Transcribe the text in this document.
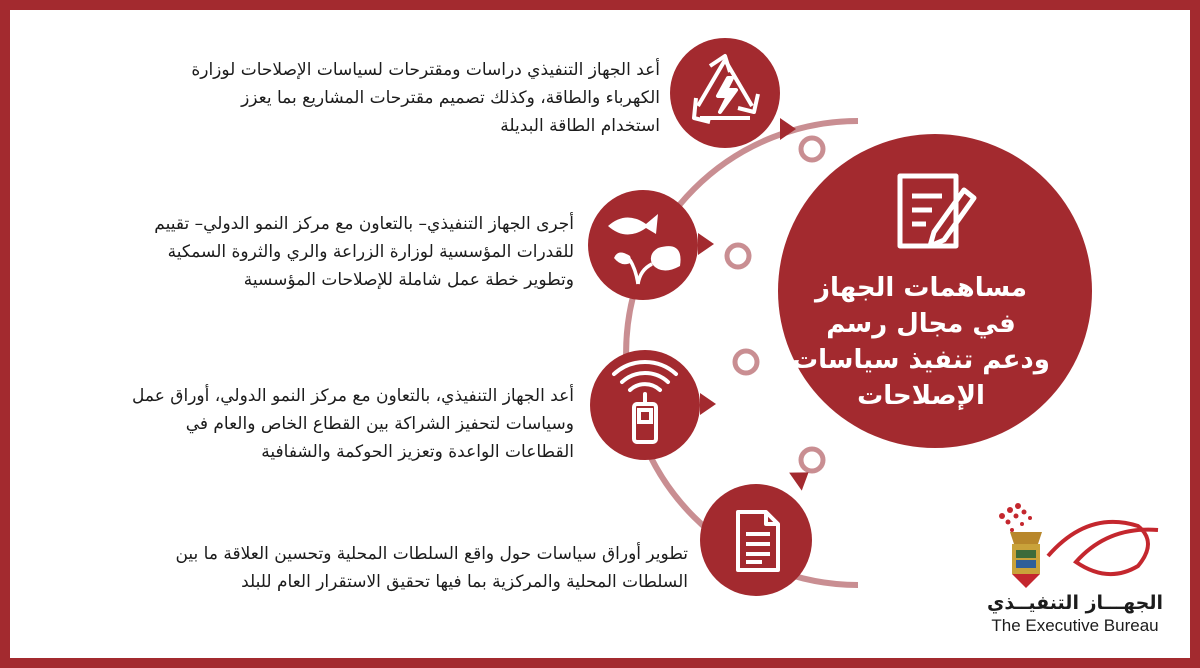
مساهمات الجهاز في مجال رسم ودعم تنفيذ سياسات الإصلاحات
أعد الجهاز التنفيذي دراسات ومقترحات لسياسات الإصلاحات لوزارة الكهرباء والطاقة، وكذلك تصميم مقترحات المشاريع بما يعزز استخدام الطاقة البديلة
أجرى الجهاز التنفيذي– بالتعاون مع مركز النمو الدولي– تقييم للقدرات المؤسسية لوزارة الزراعة والري والثروة السمكية وتطوير خطة عمل شاملة للإصلاحات المؤسسية
أعد الجهاز التنفيذي، بالتعاون مع مركز النمو الدولي، أوراق عمل وسياسات لتحفيز الشراكة بين القطاع الخاص والعام في القطاعات الواعدة وتعزيز الحوكمة والشفافية
تطوير أوراق سياسات حول واقع السلطات المحلية وتحسين العلاقة ما بين السلطات المحلية والمركزية بما فيها تحقيق الاستقرار العام للبلد
الجهـــاز التنفيــذي
The Executive Bureau
